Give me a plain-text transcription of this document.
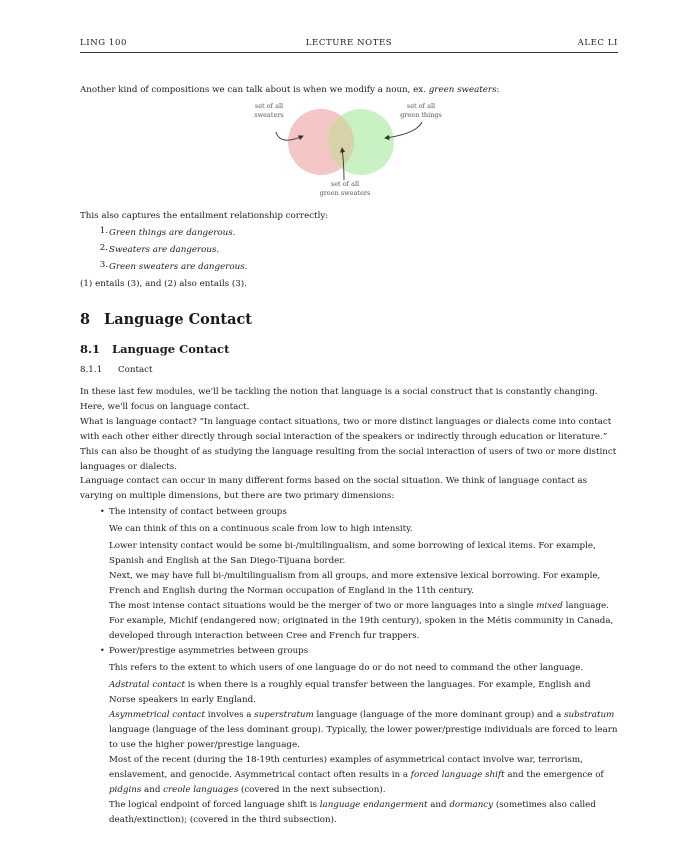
LING 100	LECTURE NOTES	ALEC LI
Another kind of compositions we can talk about is when we modify a noun, ex. green sweaters:
set of all
sweaters
set of all
green things
set of all
green sweaters
This also captures the entailment relationship correctly:
1. Green things are dangerous.
2. Sweaters are dangerous.
3. Green sweaters are dangerous.
(1) entails (3), and (2) also entails (3).
8 Language Contact
8.1 Language Contact
8.1.1 Contact
In these last few modules, we'll be tackling the notion that language is a social construct that is constantly changing. Here, we'll focus on language contact.
What is language contact? “In language contact situations, two or more distinct languages or dialects come into contact with each other either directly through social interaction of the speakers or indirectly through education or literature.” This can also be thought of as studying the language resulting from the social interaction of users of two or more distinct languages or dialects.
Language contact can occur in many different forms based on the social situation. We think of language contact as varying on multiple dimensions, but there are two primary dimensions:
• The intensity of contact between groups
We can think of this on a continuous scale from low to high intensity.
Lower intensity contact would be some bi-/multilingualism, and some borrowing of lexical items. For example, Spanish and English at the San Diego-Tijuana border.
Next, we may have full bi-/multilingualism from all groups, and more extensive lexical borrowing. For example, French and English during the Norman occupation of England in the 11th century.
The most intense contact situations would be the merger of two or more languages into a single mixed language. For example, Michif (endangered now; originated in the 19th century), spoken in the Métis community in Canada, developed through interaction between Cree and French fur trappers.
• Power/prestige asymmetries between groups
This refers to the extent to which users of one language do or do not need to command the other language.
Adstratal contact is when there is a roughly equal transfer between the languages. For example, English and Norse speakers in early England.
Asymmetrical contact involves a superstratum language (language of the more dominant group) and a substratum language (language of the less dominant group). Typically, the lower power/prestige individuals are forced to learn to use the higher power/prestige language.
Most of the recent (during the 18-19th centuries) examples of asymmetrical contact involve war, terrorism, enslavement, and genocide. Asymmetrical contact often results in a forced language shift and the emergence of pidgins and creole languages (covered in the next subsection).
The logical endpoint of forced language shift is language endangerment and dormancy (sometimes also called death/extinction); (covered in the third subsection).
